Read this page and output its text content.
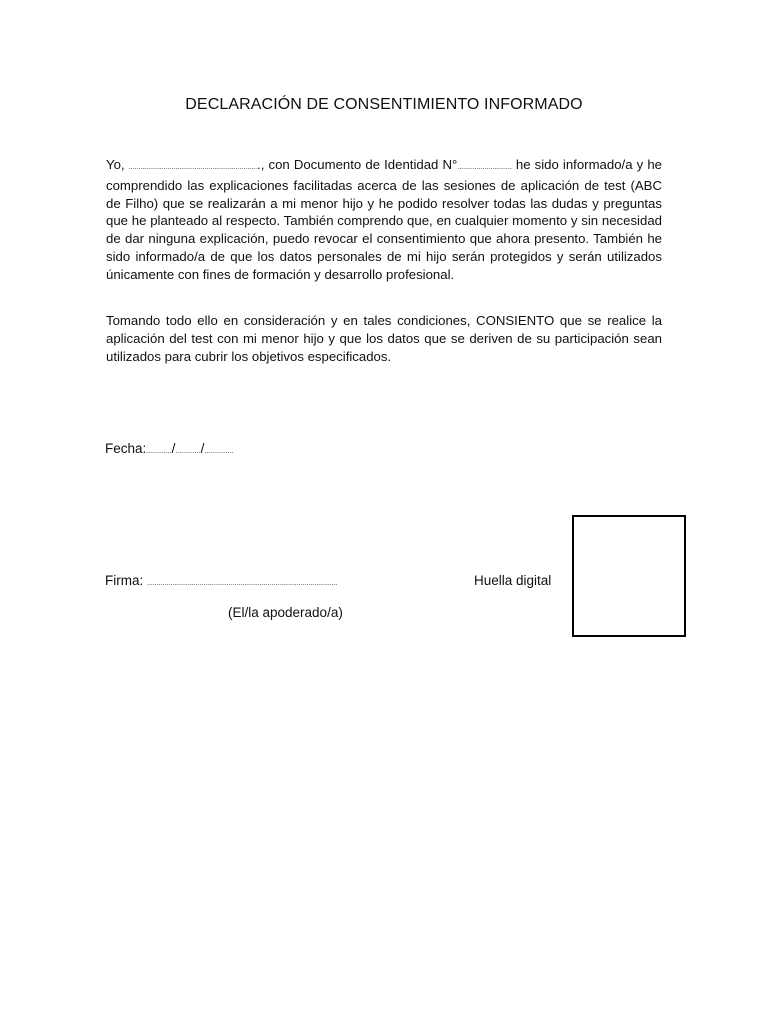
DECLARACIÓN DE CONSENTIMIENTO INFORMADO

Yo, ..................................................................., con Documento de Identidad N°............................ he sido informado/a y he comprendido las explicaciones facilitadas acerca de las sesiones de aplicación de test (ABC de Filho) que se realizarán a mi menor hijo y he podido resolver todas las dudas y preguntas que he planteado al respecto. También comprendo que, en cualquier momento y sin necesidad de dar ninguna explicación, puedo revocar el consentimiento que ahora presento. También he sido informado/a de que los datos personales de mi hijo serán protegidos y serán utilizados únicamente con fines de formación y desarrollo profesional.

Tomando todo ello en consideración y en tales condiciones, CONSIENTO que se realice la aplicación del test con mi menor hijo y que los datos que se deriven de su participación sean utilizados para cubrir los objetivos especificados.

Fecha:............./............./...............
Firma: ..................................................................................................
(El/la apoderado/a)
Huella digital
